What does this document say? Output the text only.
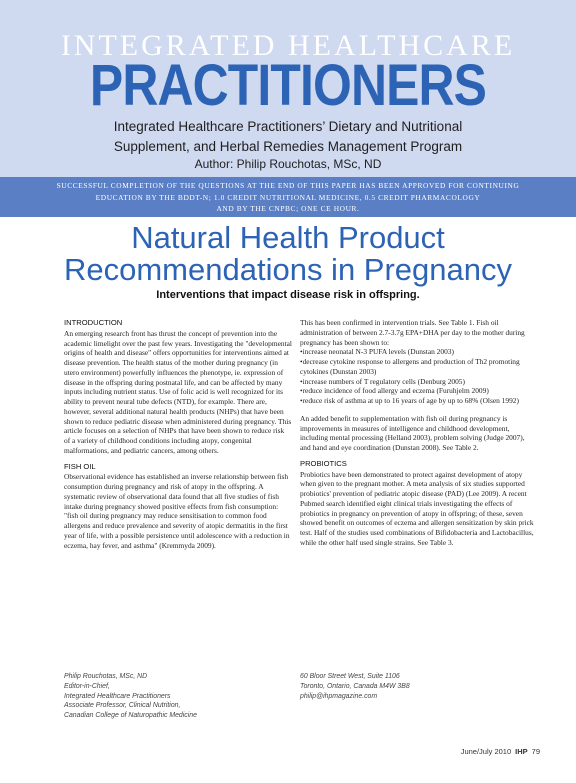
INTEGRATED HEALTHCARE
PRACTITIONERS
Integrated Healthcare Practitioners’ Dietary and Nutritional
Supplement, and Herbal Remedies Management Program
Author: Philip Rouchotas, MSc, ND
SUCCESSFUL COMPLETION OF THE QUESTIONS AT THE END OF THIS PAPER HAS BEEN APPROVED FOR CONTINUING
EDUCATION BY THE BDDT-N; 1.0 CREDIT NUTRITIONAL MEDICINE, 0.5 CREDIT PHARMACOLOGY
AND BY THE CNPBC; ONE CE HOUR.
Natural Health Product
Recommendations in Pregnancy
Interventions that impact disease risk in offspring.
INTRODUCTION

An emerging research front has thrust the concept of prevention into the academic limelight over the past few years. Investigating the "developmental origins of health and disease" offers opportunities for interventions aimed at disease prevention. The health status of the mother during pregnancy (in utero environment) powerfully influences the phenotype, ie. expression of disease in the offspring during postnatal life, and can be affected by many inputs including nutrient status. Use of folic acid is well recognized for its ability to prevent neural tube defects (NTD), for example. There are, however, several additional natural health products (NHPs) that have been shown to reduce pediatric disease when administered during pregnancy. This article focuses on a selection of NHPs that have been shown to reduce risk of a variety of childhood conditions including atopy, congenital malformations, and pediatric cancers, among others.

FISH OIL

Observational evidence has established an inverse relationship between fish consumption during pregnancy and risk of atopy in the offspring. A systematic review of observational data found that all five studies of fish intake during pregnancy showed positive effects from fish consumption: "fish oil during pregnancy may reduce sensitisation to common food allergens and reduce prevalence and severity of atopic dermatitis in the first year of life, with a possible persistence until adolescence with a reduction in eczema, hay fever, and asthma" (Kremmyda 2009).

This has been confirmed in intervention trials. See Table 1. Fish oil administration of between 2.7-3.7g EPA+DHA per day to the mother during pregnancy has been shown to:

• increase neonatal N-3 PUFA levels (Dunstan 2003)
• decrease cytokine response to allergens and production of Th2 promoting cytokines (Dunstan 2003)
• increase numbers of T regulatory cells (Denburg 2005)
• reduce incidence of food allergy and eczema (Furuhjelm 2009)
• reduce risk of asthma at up to 16 years of age by up to 68% (Olsen 1992)

An added benefit to supplementation with fish oil during pregnancy is improvements in measures of intelligence and childhood development, including mental processing (Helland 2003), problem solving (Judge 2007), and hand and eye coordination (Dunstan 2008). See Table 2.

PROBIOTICS

Probiotics have been demonstrated to protect against development of atopy when given to the pregnant mother. A meta analysis of six studies supported probiotics' prevention of pediatric atopic disease (PAD) (Lee 2009). A recent Pubmed search identified eight clinical trials investigating the effects of probiotics in pregnancy on prevention of atopy in offspring; of these, seven showed benefit on outcomes of eczema and allergen sensitization by skin prick test. Half of the studies used combinations of Bifidobacteria and Lactobacillus, while the other half used single strains. See Table 3.

Philip Rouchotas, MSc, ND
Editor-in-Chief,
Integrated Healthcare Practitioners
Associate Professor, Clinical Nutrition,
Canadian College of Naturopathic Medicine
60 Bloor Street West, Suite 1106
Toronto, Ontario, Canada M4W 3B8
philip@ihpmagazine.com
June/July 2010 IHP 79
